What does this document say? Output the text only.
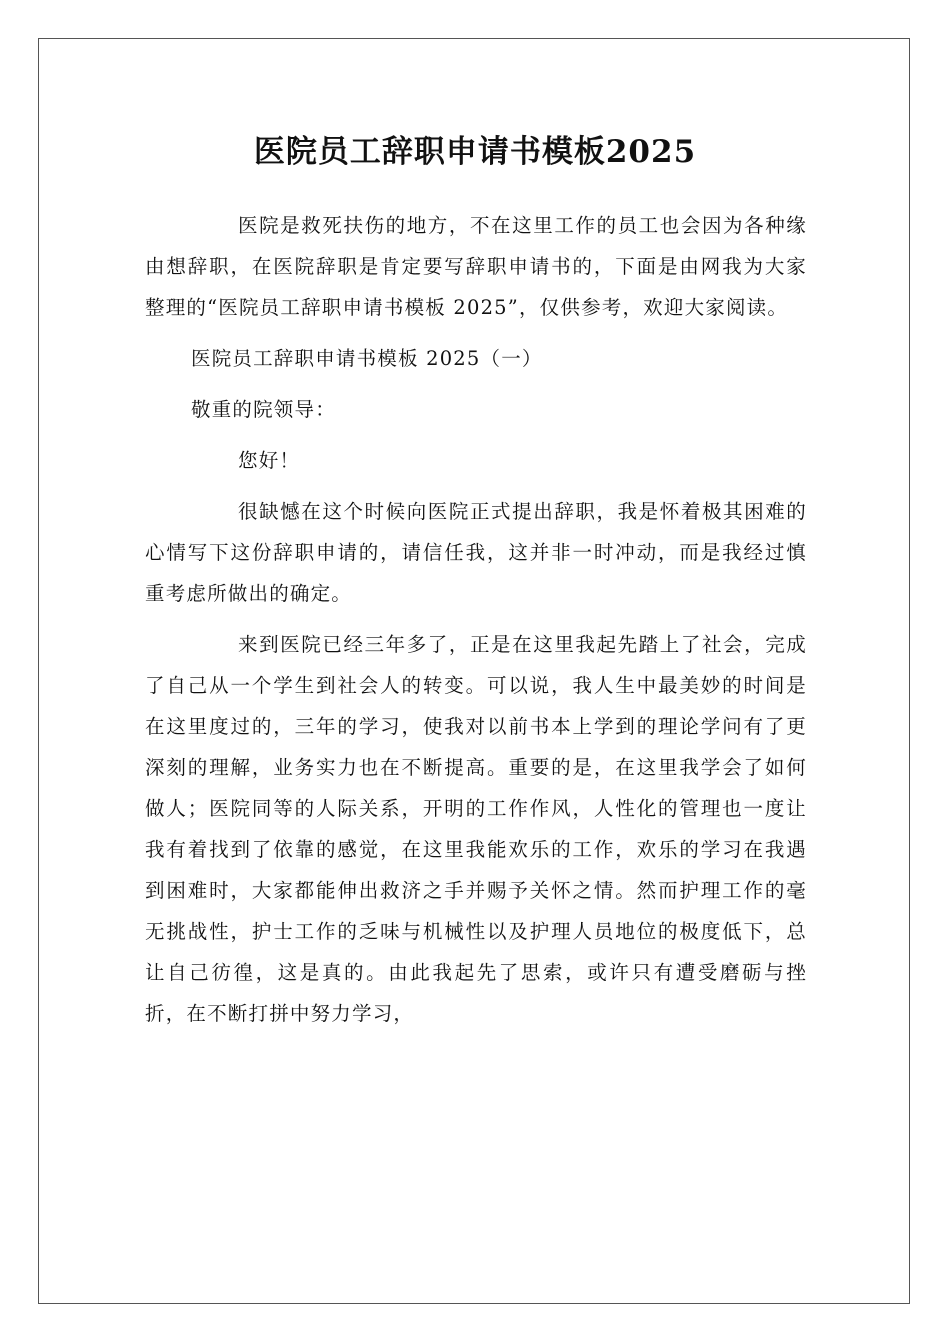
医院员工辞职申请书模板2025

医院是救死扶伤的地方，不在这里工作的员工也会因为各种缘由想辞职，在医院辞职是肯定要写辞职申请书的，下面是由网我为大家整理的“医院员工辞职申请书模板 2025”，仅供参考，欢迎大家阅读。

医院员工辞职申请书模板 2025（一）

敬重的院领导：

您好！

很缺憾在这个时候向医院正式提出辞职，我是怀着极其困难的心情写下这份辞职申请的，请信任我，这并非一时冲动，而是我经过慎重考虑所做出的确定。

来到医院已经三年多了，正是在这里我起先踏上了社会，完成了自己从一个学生到社会人的转变。可以说，我人生中最美妙的时间是在这里度过的，三年的学习，使我对以前书本上学到的理论学问有了更深刻的理解，业务实力也在不断提高。重要的是，在这里我学会了如何做人；医院同等的人际关系，开明的工作作风，人性化的管理也一度让我有着找到了依靠的感觉，在这里我能欢乐的工作，欢乐的学习在我遇到困难时，大家都能伸出救济之手并赐予关怀之情。然而护理工作的毫无挑战性，护士工作的乏味与机械性以及护理人员地位的极度低下，总让自己彷徨，这是真的。由此我起先了思索，或许只有遭受磨砺与挫折，在不断打拼中努力学习，
